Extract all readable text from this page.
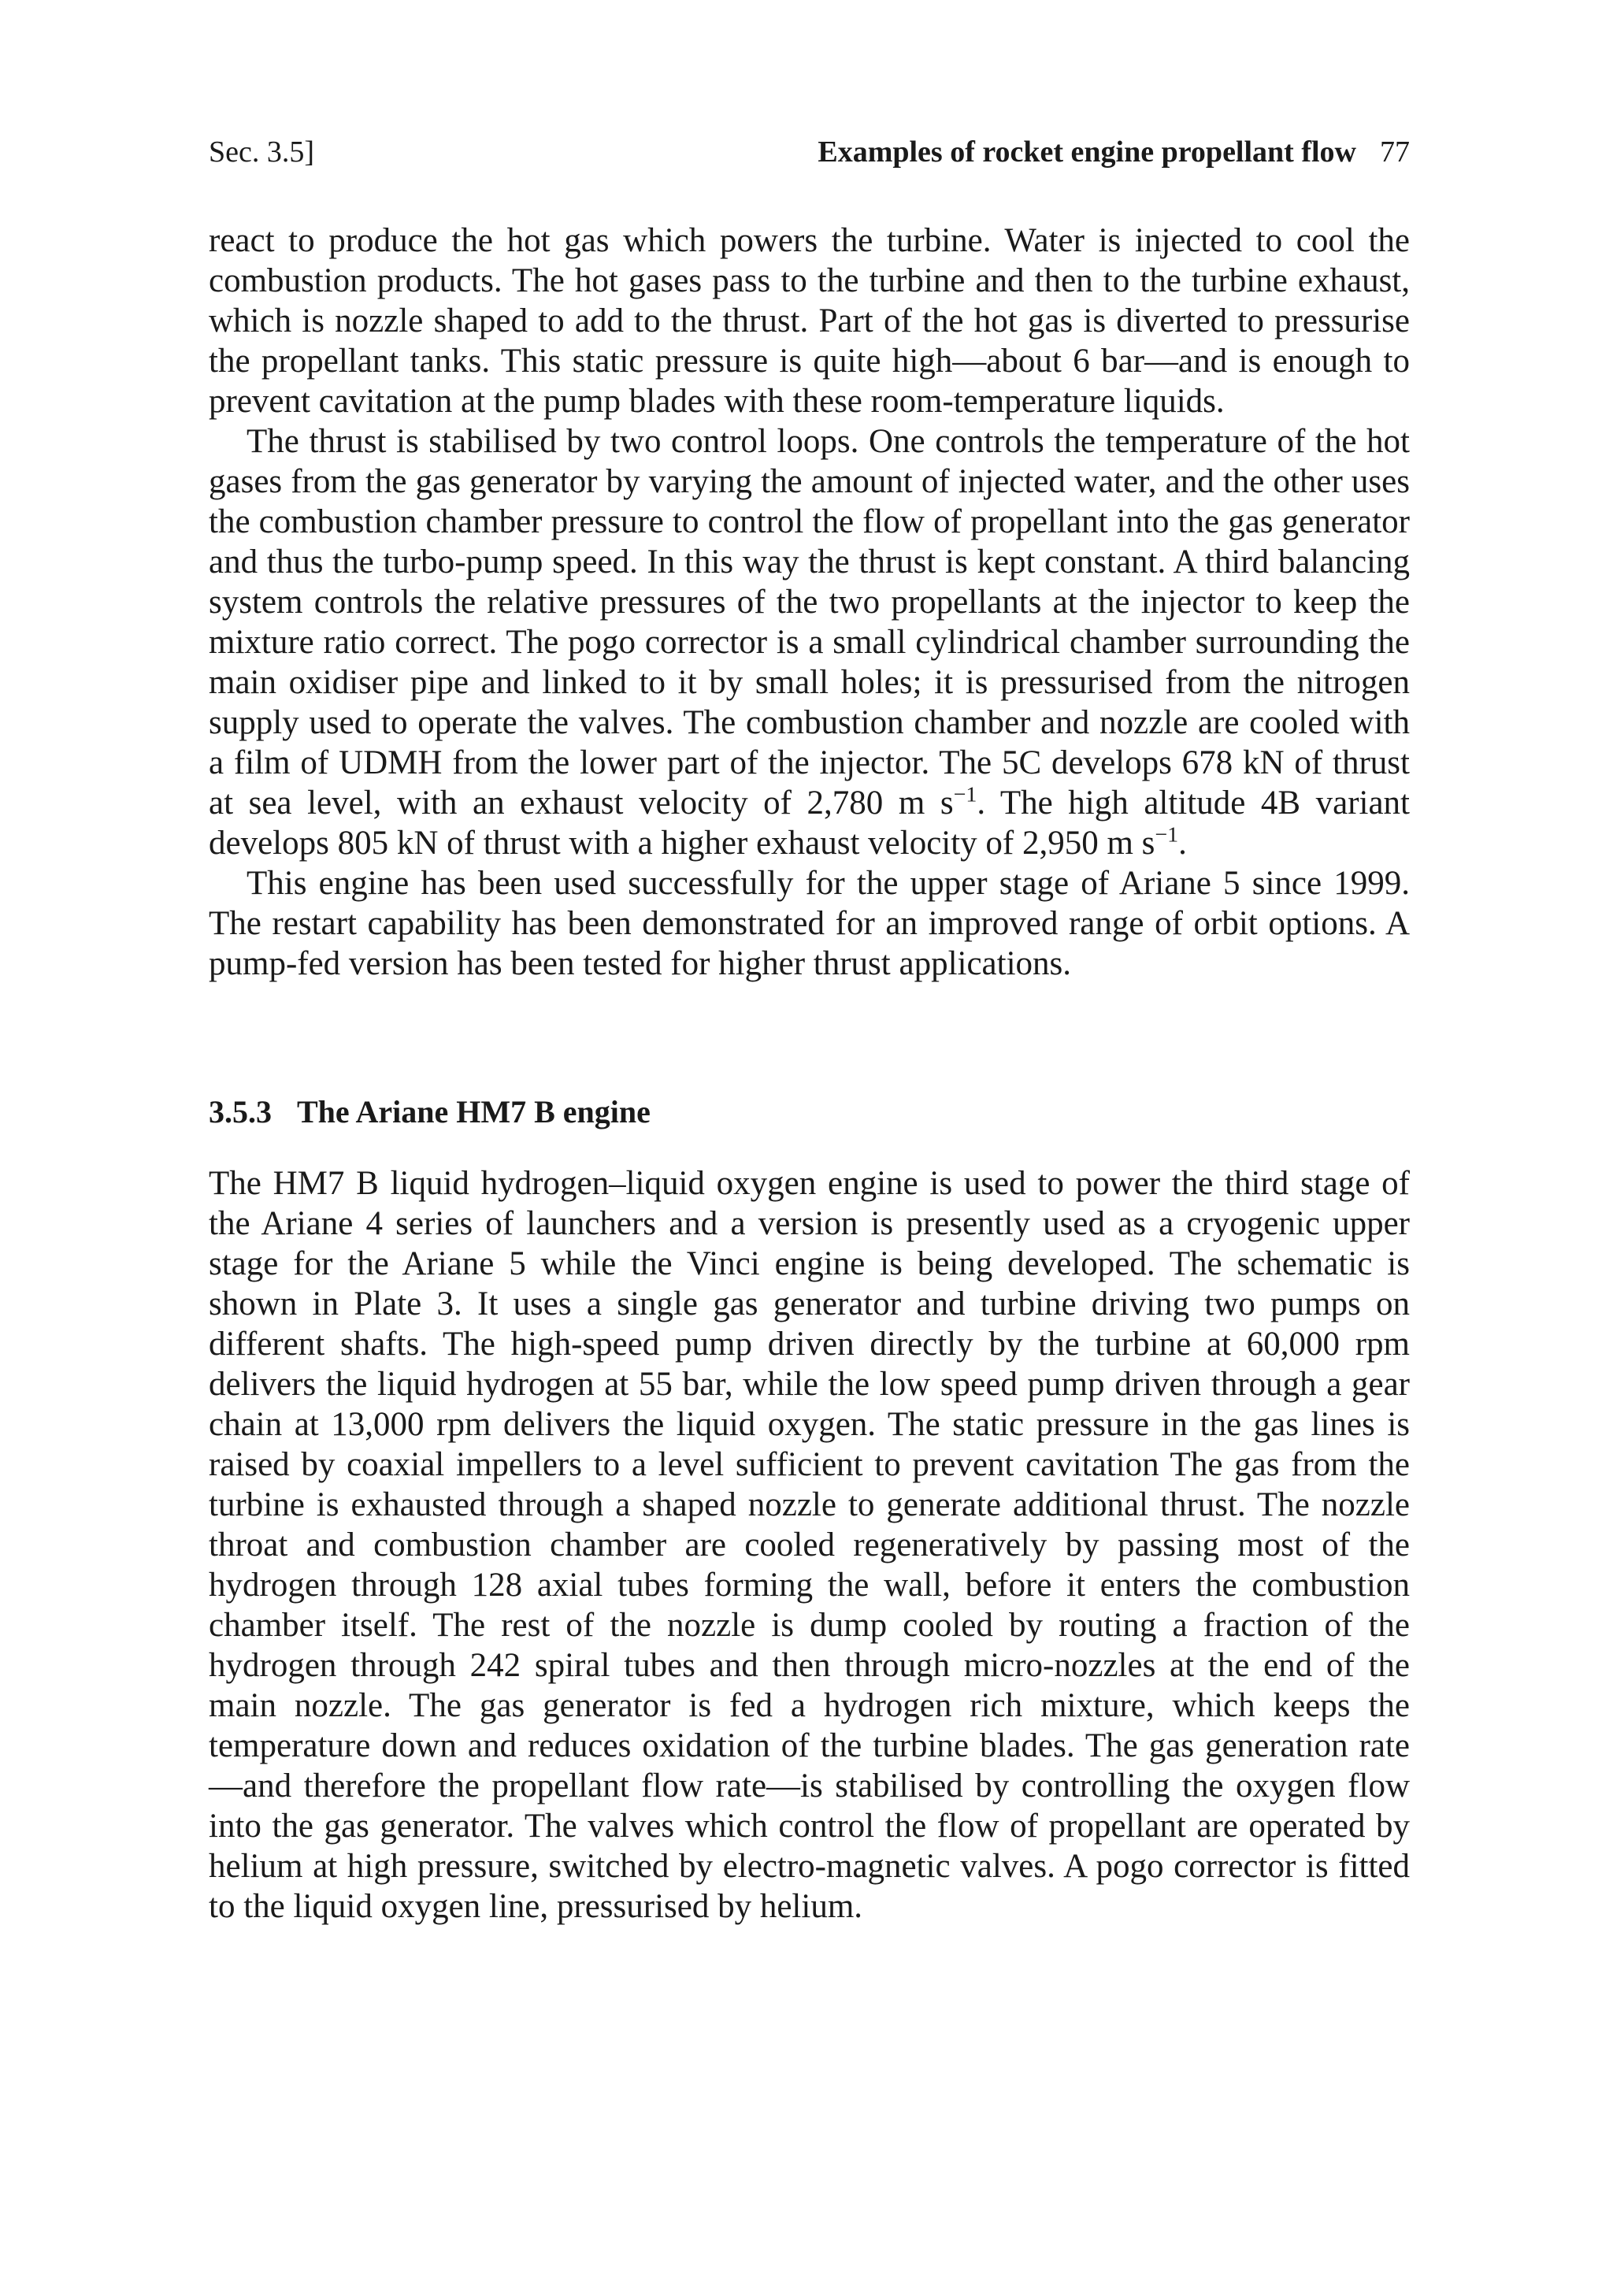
Sec. 3.5]	Examples of rocket engine propellant flow 77

react to produce the hot gas which powers the turbine. Water is injected to cool the combustion products. The hot gases pass to the turbine and then to the turbine exhaust, which is nozzle shaped to add to the thrust. Part of the hot gas is diverted to pressurise the propellant tanks. This static pressure is quite high—about 6 bar—and is enough to prevent cavitation at the pump blades with these room-temperature liquids.

The thrust is stabilised by two control loops. One controls the temperature of the hot gases from the gas generator by varying the amount of injected water, and the other uses the combustion chamber pressure to control the flow of propellant into the gas generator and thus the turbo-pump speed. In this way the thrust is kept constant. A third balancing system controls the relative pressures of the two propellants at the injector to keep the mixture ratio correct. The pogo corrector is a small cylindrical chamber surrounding the main oxidiser pipe and linked to it by small holes; it is pressurised from the nitrogen supply used to operate the valves. The combustion chamber and nozzle are cooled with a film of UDMH from the lower part of the injector. The 5C develops 678 kN of thrust at sea level, with an exhaust velocity of 2,780 m $s^{-1}$. The high altitude 4B variant develops 805 kN of thrust with a higher exhaust velocity of 2,950 m $s^{-1}$.

This engine has been used successfully for the upper stage of Ariane 5 since 1999. The restart capability has been demonstrated for an improved range of orbit options. A pump-fed version has been tested for higher thrust applications.

3.5.3 The Ariane HM7 B engine

The HM7 B liquid hydrogen–liquid oxygen engine is used to power the third stage of the Ariane 4 series of launchers and a version is presently used as a cryogenic upper stage for the Ariane 5 while the Vinci engine is being developed. The schematic is shown in Plate 3. It uses a single gas generator and turbine driving two pumps on different shafts. The high-speed pump driven directly by the turbine at 60,000 rpm delivers the liquid hydrogen at 55 bar, while the low speed pump driven through a gear chain at 13,000 rpm delivers the liquid oxygen. The static pressure in the gas lines is raised by coaxial impellers to a level sufficient to prevent cavitation The gas from the turbine is exhausted through a shaped nozzle to generate additional thrust. The nozzle throat and combustion chamber are cooled regeneratively by passing most of the hydrogen through 128 axial tubes forming the wall, before it enters the combustion chamber itself. The rest of the nozzle is dump cooled by routing a fraction of the hydrogen through 242 spiral tubes and then through micro-nozzles at the end of the main nozzle. The gas generator is fed a hydrogen rich mixture, which keeps the temperature down and reduces oxidation of the turbine blades. The gas generation rate—and therefore the propellant flow rate—is stabilised by controlling the oxygen flow into the gas generator. The valves which control the flow of propellant are operated by helium at high pressure, switched by electro-magnetic valves. A pogo corrector is fitted to the liquid oxygen line, pressurised by helium.
